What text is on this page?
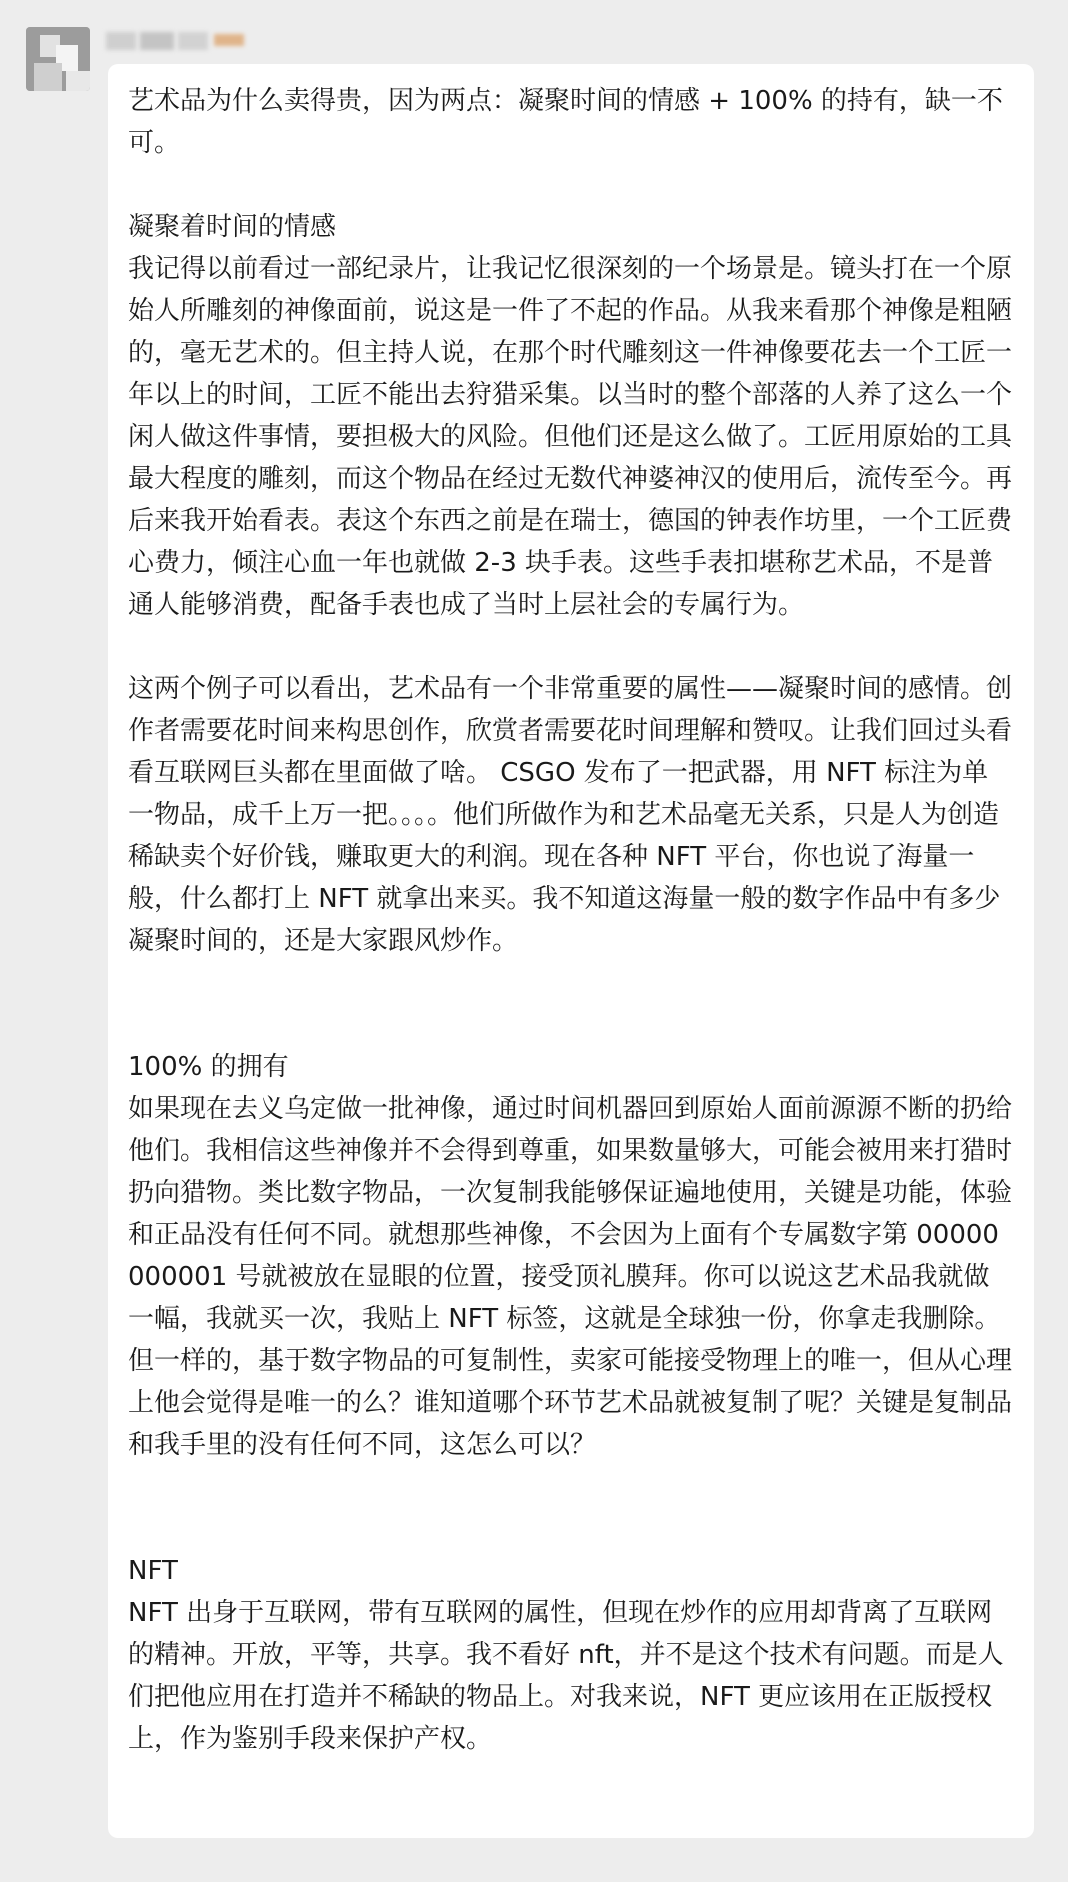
艺术品为什么卖得贵，因为两点：凝聚时间的情感 + 100% 的持有，缺一不可。

凝聚着时间的情感

我记得以前看过一部纪录片，让我记忆很深刻的一个场景是。镜头打在一个原始人所雕刻的神像面前，说这是一件了不起的作品。从我来看那个神像是粗陋的，毫无艺术的。但主持人说，在那个时代雕刻这一件神像要花去一个工匠一年以上的时间，工匠不能出去狩猎采集。以当时的整个部落的人养了这么一个闲人做这件事情，要担极大的风险。但他们还是这么做了。工匠用原始的工具最大程度的雕刻，而这个物品在经过无数代神婆神汉的使用后，流传至今。再后来我开始看表。表这个东西之前是在瑞士，德国的钟表作坊里，一个工匠费心费力，倾注心血一年也就做 2-3 块手表。这些手表扣堪称艺术品，不是普通人能够消费，配备手表也成了当时上层社会的专属行为。

这两个例子可以看出，艺术品有一个非常重要的属性——凝聚时间的感情。创作者需要花时间来构思创作，欣赏者需要花时间理解和赞叹。让我们回过头看看互联网巨头都在里面做了啥。 CSGO 发布了一把武器，用 NFT 标注为单一物品，成千上万一把。。。。他们所做作为和艺术品毫无关系，只是人为创造稀缺卖个好价钱，赚取更大的利润。现在各种 NFT 平台，你也说了海量一般，什么都打上 NFT 就拿出来买。我不知道这海量一般的数字作品中有多少凝聚时间的，还是大家跟风炒作。

100% 的拥有

如果现在去义乌定做一批神像，通过时间机器回到原始人面前源源不断的扔给他们。我相信这些神像并不会得到尊重，如果数量够大，可能会被用来打猎时扔向猎物。类比数字物品，一次复制我能够保证遍地使用，关键是功能，体验和正品没有任何不同。就想那些神像，不会因为上面有个专属数字第 00000000001 号就被放在显眼的位置，接受顶礼膜拜。你可以说这艺术品我就做一幅，我就买一次，我贴上 NFT 标签，这就是全球独一份，你拿走我删除。但一样的，基于数字物品的可复制性，卖家可能接受物理上的唯一，但从心理上他会觉得是唯一的么？谁知道哪个环节艺术品就被复制了呢？关键是复制品和我手里的没有任何不同，这怎么可以？

NFT

NFT 出身于互联网，带有互联网的属性，但现在炒作的应用却背离了互联网的精神。开放，平等，共享。我不看好 nft，并不是这个技术有问题。而是人们把他应用在打造并不稀缺的物品上。对我来说，NFT 更应该用在正版授权上，作为鉴别手段来保护产权。
